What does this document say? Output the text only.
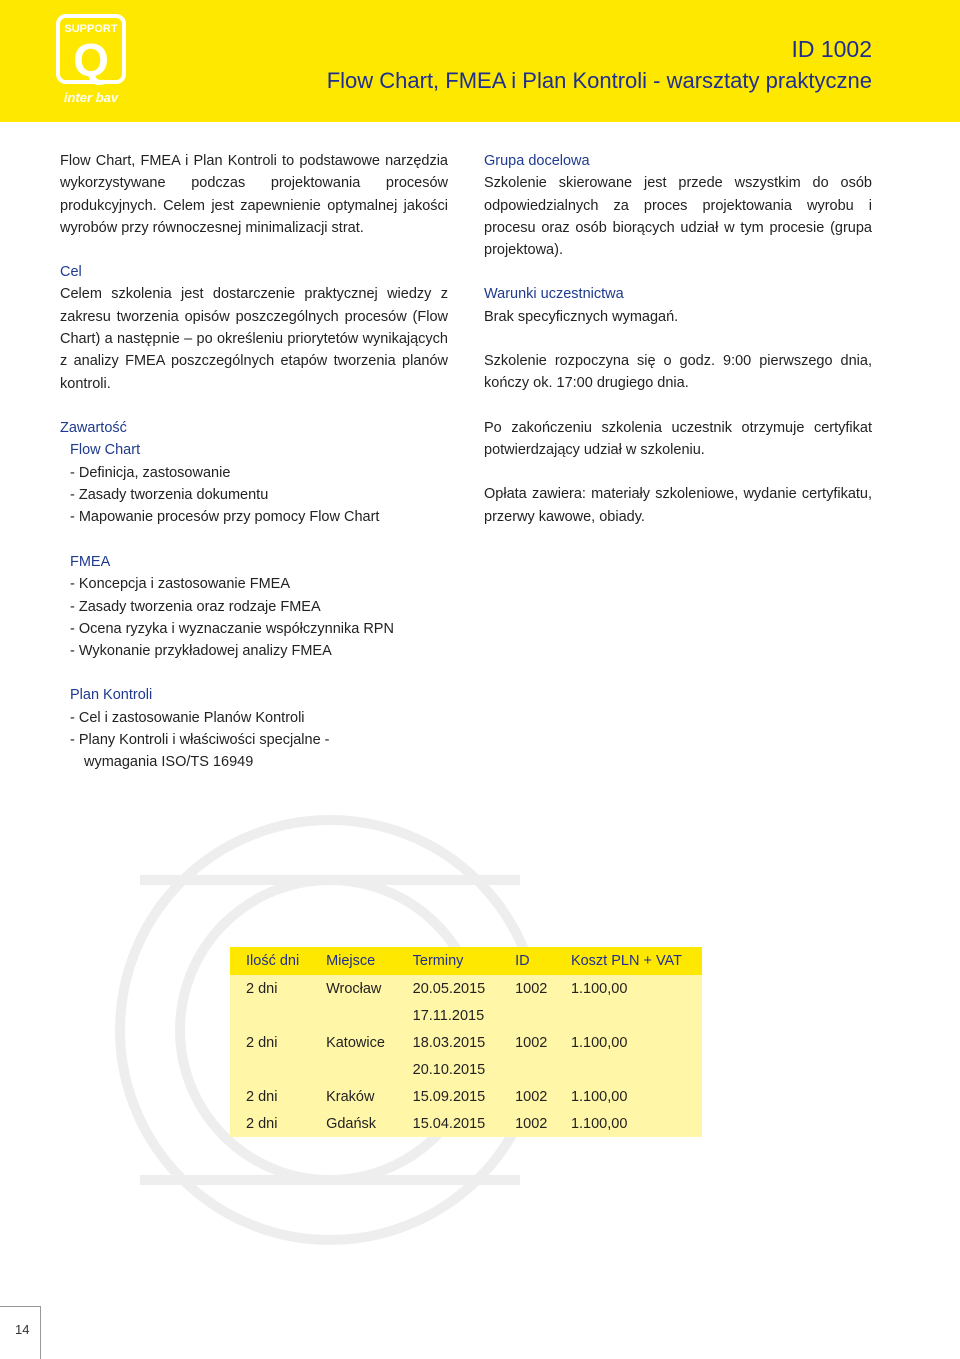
SUPPORT
Q
inter bav
ID 1002
Flow Chart, FMEA i Plan Kontroli - warsztaty praktyczne

Flow Chart, FMEA i Plan Kontroli to podstawowe narzędzia wykorzystywane podczas projektowania procesów produkcyjnych. Celem jest zapewnienie optymalnej jakości wyrobów przy równoczesnej minimalizacji strat.

Cel

Celem szkolenia jest dostarczenie praktycznej wiedzy z zakresu tworzenia opisów poszczególnych procesów (Flow Chart) a następnie – po określeniu priorytetów wynikających z analizy FMEA poszczególnych etapów tworzenia planów kontroli.

Zawartość

Flow Chart

- Definicja, zastosowanie

- Zasady tworzenia dokumentu

- Mapowanie procesów przy pomocy Flow Chart

Grupa docelowa

Szkolenie skierowane jest przede wszystkim do osób odpowiedzialnych za proces projektowania wyrobu i procesu oraz osób biorących udział w tym procesie (grupa projektowa).

Warunki uczestnictwa

Brak specyficznych wymagań.

Szkolenie rozpoczyna się o godz. 9:00 pierwszego dnia, kończy ok. 17:00 drugiego dnia.

Po zakończeniu szkolenia uczestnik otrzymuje certyfikat potwierdzający udział w szkoleniu.

Opłata zawiera: materiały szkoleniowe, wydanie certyfikatu, przerwy kawowe, obiady.

FMEA

- Koncepcja i zastosowanie FMEA

- Zasady tworzenia oraz rodzaje FMEA

- Ocena ryzyka i wyznaczanie współczynnika RPN

- Wykonanie przykładowej analizy FMEA

Plan Kontroli

- Cel i zastosowanie Planów Kontroli

- Plany Kontroli i właściwości specjalne -

wymagania ISO/TS 16949

Ilość dni	Miejsce	Terminy	ID	Koszt PLN + VAT
2 dni	Wrocław	20.05.2015	1002	1.100,00
		17.11.2015		
2 dni	Katowice	18.03.2015	1002	1.100,00
		20.10.2015		
2 dni	Kraków	15.09.2015	1002	1.100,00
2 dni	Gdańsk	15.04.2015	1002	1.100,00
14
